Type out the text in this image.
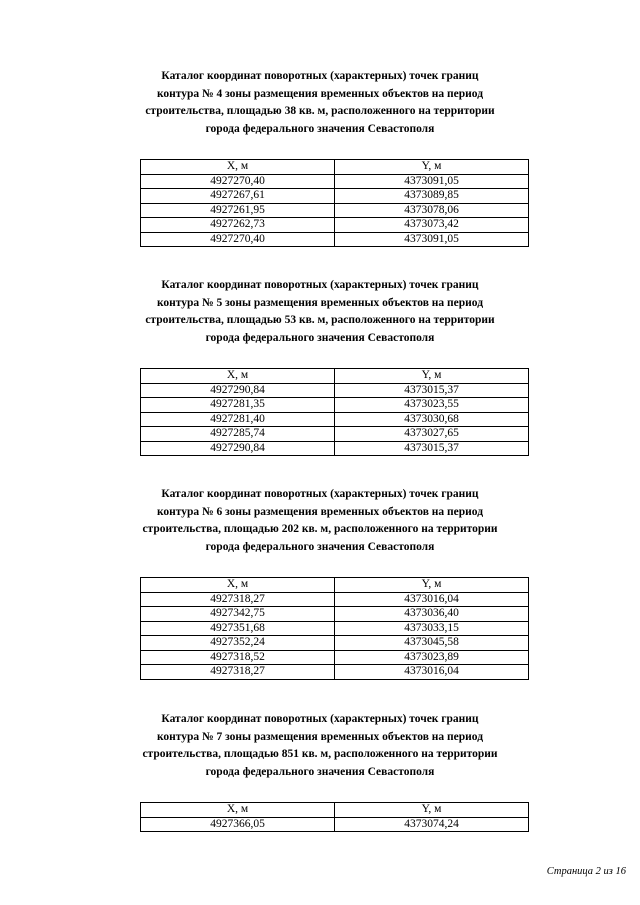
Каталог координат поворотных (характерных) точек границ
контура № 4 зоны размещения временных объектов на период
строительства, площадью 38 кв. м, расположенного на территории
города федерального значения Севастополя
X, м	Y, м
4927270,40	4373091,05
4927267,61	4373089,85
4927261,95	4373078,06
4927262,73	4373073,42
4927270,40	4373091,05
Каталог координат поворотных (характерных) точек границ
контура № 5 зоны размещения временных объектов на период
строительства, площадью 53 кв. м, расположенного на территории
города федерального значения Севастополя
X, м	Y, м
4927290,84	4373015,37
4927281,35	4373023,55
4927281,40	4373030,68
4927285,74	4373027,65
4927290,84	4373015,37
Каталог координат поворотных (характерных) точек границ
контура № 6 зоны размещения временных объектов на период
строительства, площадью 202 кв. м, расположенного на территории
города федерального значения Севастополя
X, м	Y, м
4927318,27	4373016,04
4927342,75	4373036,40
4927351,68	4373033,15
4927352,24	4373045,58
4927318,52	4373023,89
4927318,27	4373016,04
Каталог координат поворотных (характерных) точек границ
контура № 7 зоны размещения временных объектов на период
строительства, площадью 851 кв. м, расположенного на территории
города федерального значения Севастополя
X, м	Y, м
4927366,05	4373074,24
Страница 2 из 16
